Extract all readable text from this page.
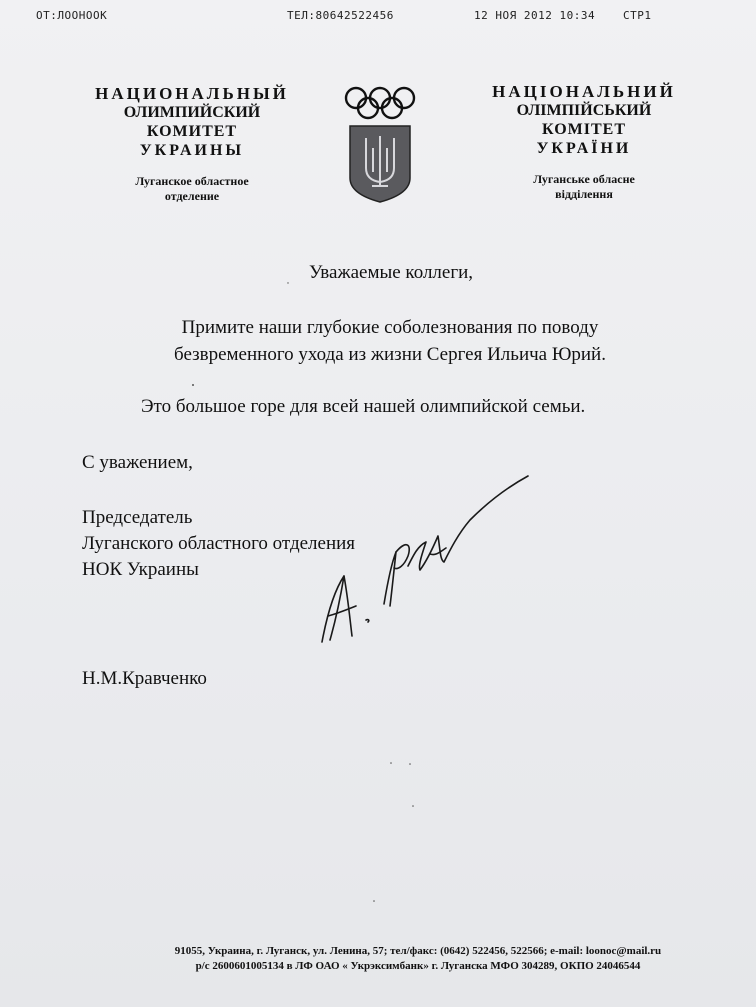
ОТ:ЛООНООК	ТЕЛ:80642522456	12 НОЯ 2012 10:34	СТР1
НАЦИОНАЛЬНЫЙ
ОЛИМПИЙСКИЙ
КОМИТЕТ
УКРАИНЫ
Луганское областное
отделение
НАЦІОНАЛЬНИЙ
ОЛІМПІЙСЬКИЙ
КОМІТЕТ
УКРАЇНИ
Луганське обласне
відділення
Уважаемые коллеги,
Примите наши глубокие соболезнования по поводу
безвременного ухода из жизни Сергея Ильича Юрий.
Это большое горе для всей нашей олимпийской семьи.
С уважением,
Председатель
Луганского областного отделения
НОК Украины
Н.М.Кравченко
91055, Украина, г. Луганск, ул. Ленина, 57; тел/факс: (0642) 522456, 522566; e-mail: loonoc@mail.ru
р/с 2600601005134 в ЛФ ОАО « Укрэксимбанк» г. Луганска МФО 304289, ОКПО 24046544
